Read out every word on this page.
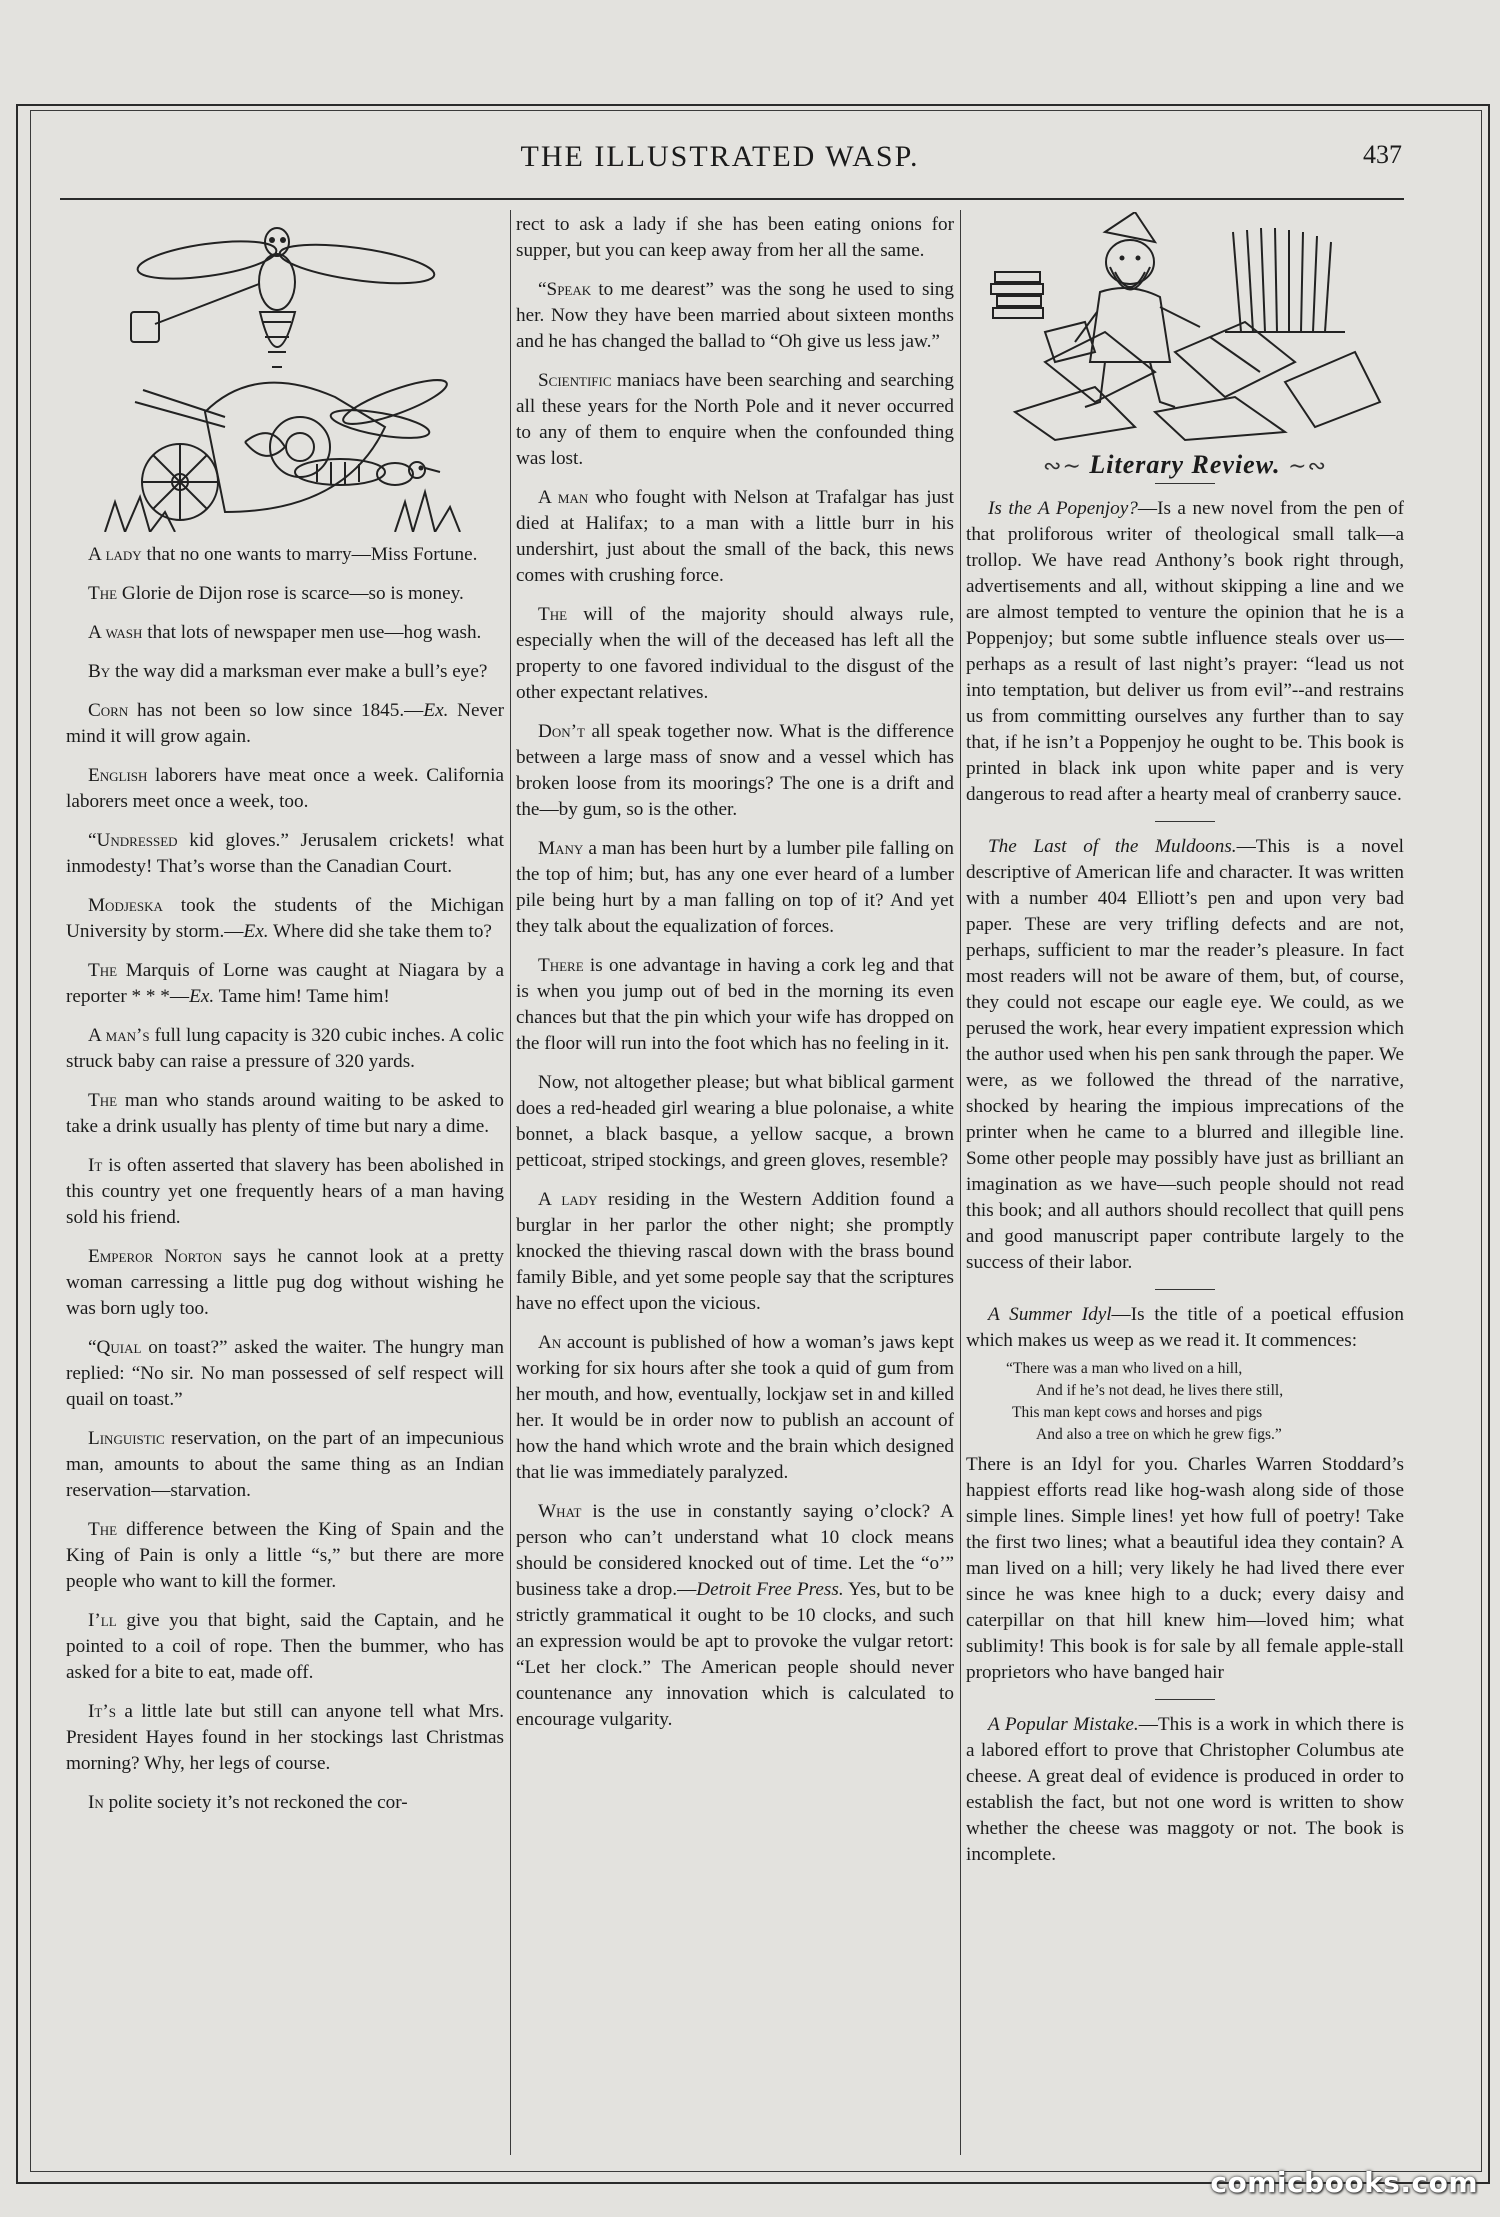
THE ILLUSTRATED WASP.	437

A lady that no one wants to marry—Miss Fortune.

The Glorie de Dijon rose is scarce—so is money.

A wash that lots of newspaper men use—hog wash.

By the way did a marksman ever make a bull’s eye?

Corn has not been so low since 1845.—Ex. Never mind it will grow again.

English laborers have meat once a week. California laborers meet once a week, too.

“Undressed kid gloves.” Jerusalem crickets! what inmodesty! That’s worse than the Canadian Court.

Modjeska took the students of the Michigan University by storm.—Ex. Where did she take them to?

The Marquis of Lorne was caught at Niagara by a reporter * * *—Ex. Tame him! Tame him!

A man’s full lung capacity is 320 cubic inches. A colic struck baby can raise a pressure of 320 yards.

The man who stands around waiting to be asked to take a drink usually has plenty of time but nary a dime.

It is often asserted that slavery has been abolished in this country yet one frequently hears of a man having sold his friend.

Emperor Norton says he cannot look at a pretty woman carressing a little pug dog without wishing he was born ugly too.

“Quial on toast?” asked the waiter. The hungry man replied: “No sir. No man possessed of self respect will quail on toast.”

Linguistic reservation, on the part of an impecunious man, amounts to about the same thing as an Indian reservation—starvation.

The difference between the King of Spain and the King of Pain is only a little “s,” but there are more people who want to kill the former.

I’ll give you that bight, said the Captain, and he pointed to a coil of rope. Then the bummer, who has asked for a bite to eat, made off.

It’s a little late but still can anyone tell what Mrs. President Hayes found in her stockings last Christmas morning? Why, her legs of course.

In polite society it’s not reckoned the cor-

rect to ask a lady if she has been eating onions for supper, but you can keep away from her all the same.

“Speak to me dearest” was the song he used to sing her. Now they have been married about sixteen months and he has changed the ballad to “Oh give us less jaw.”

Scientific maniacs have been searching and searching all these years for the North Pole and it never occurred to any of them to enquire when the confounded thing was lost.

A man who fought with Nelson at Trafalgar has just died at Halifax; to a man with a little burr in his undershirt, just about the small of the back, this news comes with crushing force.

The will of the majority should always rule, especially when the will of the deceased has left all the property to one favored individual to the disgust of the other expectant relatives.

Don’t all speak together now. What is the difference between a large mass of snow and a vessel which has broken loose from its moorings? The one is a drift and the—by gum, so is the other.

Many a man has been hurt by a lumber pile falling on the top of him; but, has any one ever heard of a lumber pile being hurt by a man falling on top of it? And yet they talk about the equalization of forces.

There is one advantage in having a cork leg and that is when you jump out of bed in the morning its even chances but that the pin which your wife has dropped on the floor will run into the foot which has no feeling in it.

Now, not altogether please; but what biblical garment does a red-headed girl wearing a blue polonaise, a white bonnet, a black basque, a yellow sacque, a brown petticoat, striped stockings, and green gloves, resemble?

A lady residing in the Western Addition found a burglar in her parlor the other night; she promptly knocked the thieving rascal down with the brass bound family Bible, and yet some people say that the scriptures have no effect upon the vicious.

An account is published of how a woman’s jaws kept working for six hours after she took a quid of gum from her mouth, and how, eventually, lockjaw set in and killed her. It would be in order now to publish an account of how the hand which wrote and the brain which designed that lie was immediately paralyzed.

What is the use in constantly saying o’clock? A person who can’t understand what 10 clock means should be considered knocked out of time. Let the “o’” business take a drop.—Detroit Free Press. Yes, but to be strictly grammatical it ought to be 10 clocks, and such an expression would be apt to provoke the vulgar retort: “Let her clock.” The American people should never countenance any innovation which is calculated to encourage vulgarity.

∾∼ Literary Review. ∼∾

Is the A Popenjoy?—Is a new novel from the pen of that proliforous writer of theological small talk—a trollop. We have read Anthony’s book right through, advertisements and all, without skipping a line and we are almost tempted to venture the opinion that he is a Poppenjoy; but some subtle influence steals over us—perhaps as a result of last night’s prayer: “lead us not into temptation, but deliver us from evil”--and restrains us from committing ourselves any further than to say that, if he isn’t a Poppenjoy he ought to be. This book is printed in black ink upon white paper and is very dangerous to read after a hearty meal of cranberry sauce.

The Last of the Muldoons.—This is a novel descriptive of American life and character. It was written with a number 404 Elliott’s pen and upon very bad paper. These are very trifling defects and are not, perhaps, sufficient to mar the reader’s pleasure. In fact most readers will not be aware of them, but, of course, they could not escape our eagle eye. We could, as we perused the work, hear every impatient expression which the author used when his pen sank through the paper. We were, as we followed the thread of the narrative, shocked by hearing the impious imprecations of the printer when he came to a blurred and illegible line. Some other people may possibly have just as brilliant an imagination as we have—such people should not read this book; and all authors should recollect that quill pens and good manuscript paper contribute largely to the success of their labor.

A Summer Idyl—Is the title of a poetical effusion which makes us weep as we read it. It commences:

“There was a man who lived on a hill,
And if he’s not dead, he lives there still,
This man kept cows and horses and pigs
And also a tree on which he grew figs.”

There is an Idyl for you. Charles Warren Stoddard’s happiest efforts read like hog-wash along side of those simple lines. Simple lines! yet how full of poetry! Take the first two lines; what a beautiful idea they contain? A man lived on a hill; very likely he had lived there ever since he was knee high to a duck; every daisy and caterpillar on that hill knew him—loved him; what sublimity! This book is for sale by all female apple-stall proprietors who have banged hair

A Popular Mistake.—This is a work in which there is a labored effort to prove that Christopher Columbus ate cheese. A great deal of evidence is produced in order to establish the fact, but not one word is written to show whether the cheese was maggoty or not. The book is incomplete.

comicbooks.com
